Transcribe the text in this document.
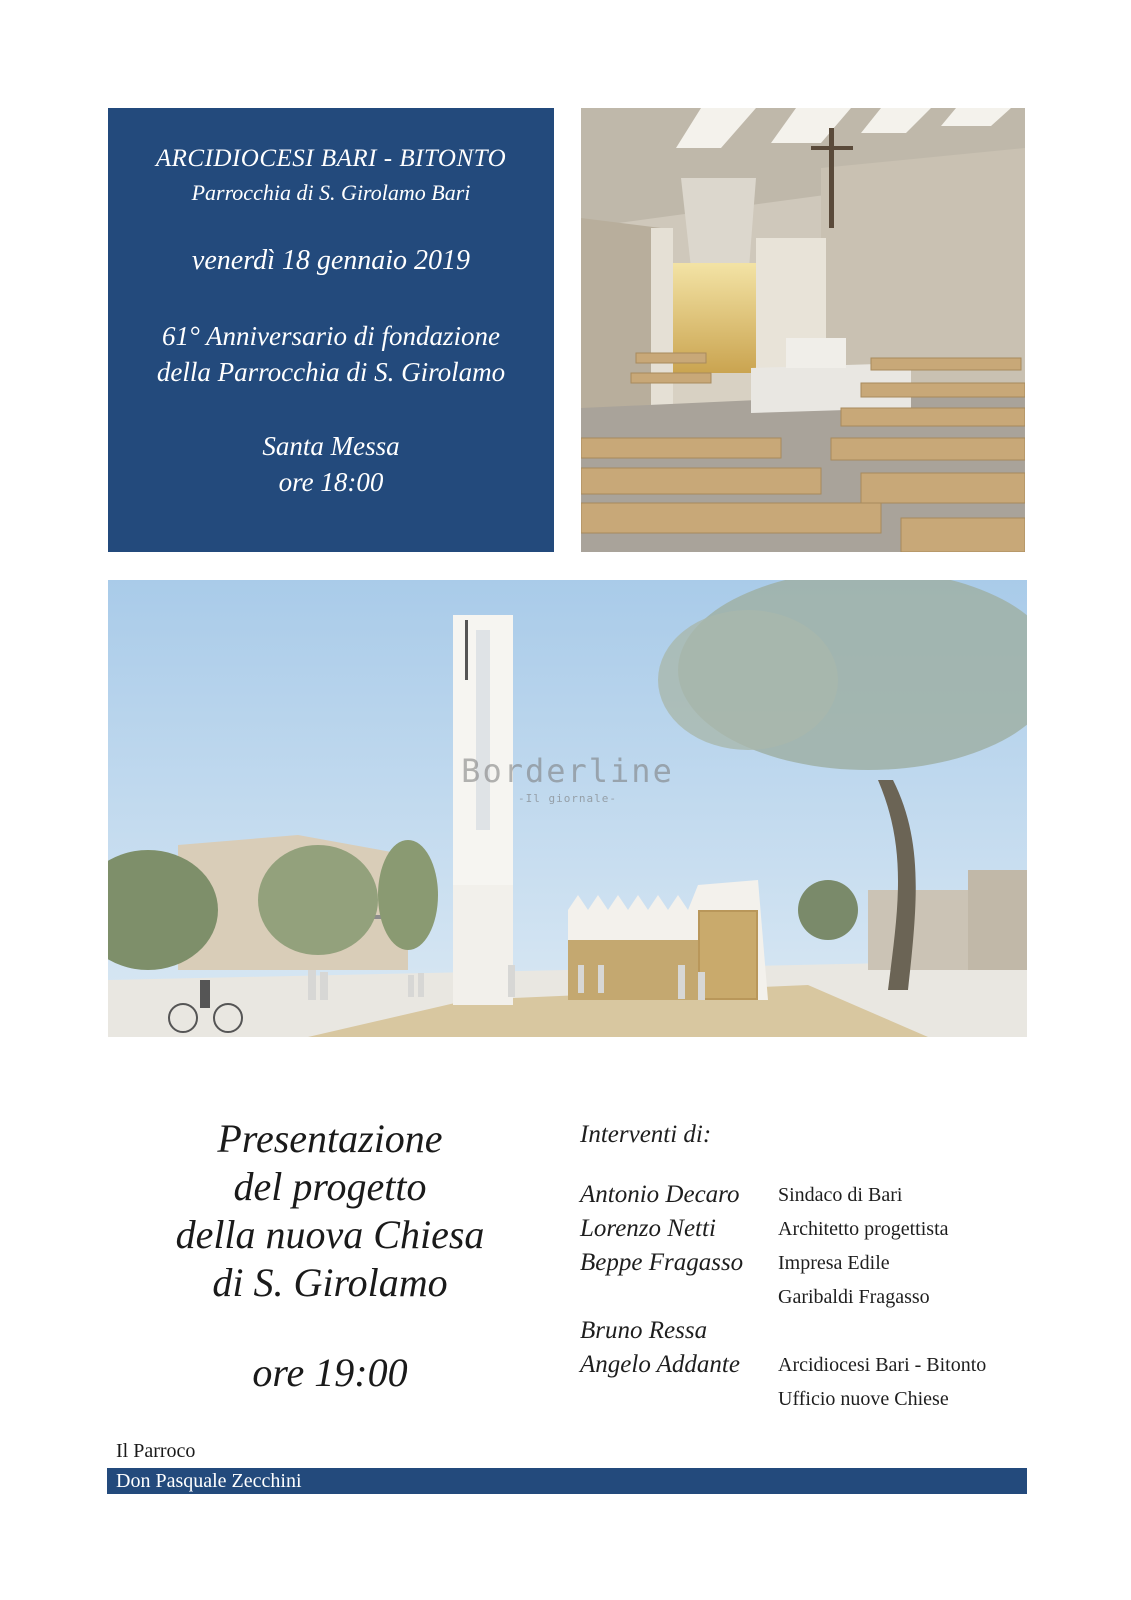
ARCIDIOCESI BARI - BITONTO
Parrocchia di S. Girolamo Bari
venerdì 18 gennaio 2019
61° Anniversario di fondazione
della Parrocchia di S. Girolamo
Santa Messa
ore 18:00
Borderline
-Il giornale-
Presentazione
del progetto
della nuova Chiesa
di S. Girolamo
ore 19:00
Interventi di:
Antonio Decaro	Sindaco di Bari
Lorenzo Netti	Architetto progettista
Beppe Fragasso	Impresa Edile
Garibaldi Fragasso
Bruno Ressa
Angelo Addante	Arcidiocesi Bari - Bitonto
Ufficio nuove Chiese
Il Parroco
Don Pasquale Zecchini
